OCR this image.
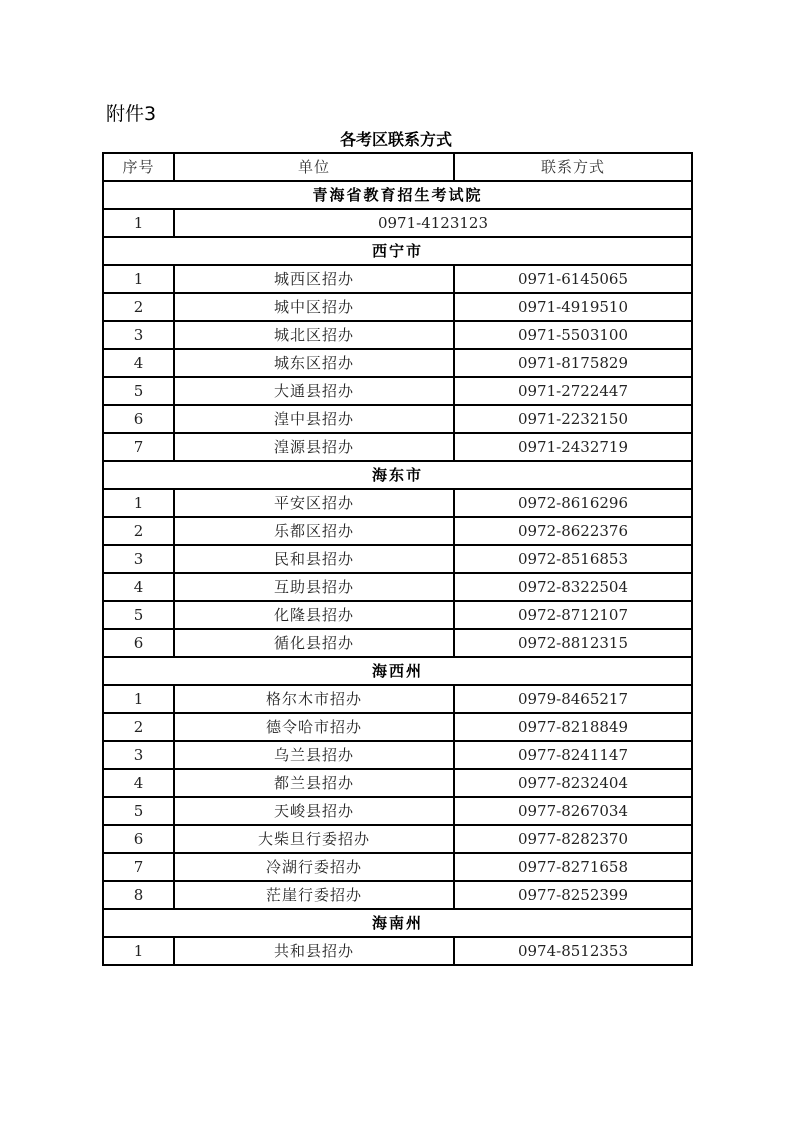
附件3
各考区联系方式
序号	单位	联系方式
青海省教育招生考试院		
1	0971-4123123	
西宁市		
1	城西区招办	0971-6145065
2	城中区招办	0971-4919510
3	城北区招办	0971-5503100
4	城东区招办	0971-8175829
5	大通县招办	0971-2722447
6	湟中县招办	0971-2232150
7	湟源县招办	0971-2432719
海东市		
1	平安区招办	0972-8616296
2	乐都区招办	0972-8622376
3	民和县招办	0972-8516853
4	互助县招办	0972-8322504
5	化隆县招办	0972-8712107
6	循化县招办	0972-8812315
海西州		
1	格尔木市招办	0979-8465217
2	德令哈市招办	0977-8218849
3	乌兰县招办	0977-8241147
4	都兰县招办	0977-8232404
5	天峻县招办	0977-8267034
6	大柴旦行委招办	0977-8282370
7	冷湖行委招办	0977-8271658
8	茫崖行委招办	0977-8252399
海南州		
1	共和县招办	0974-8512353
